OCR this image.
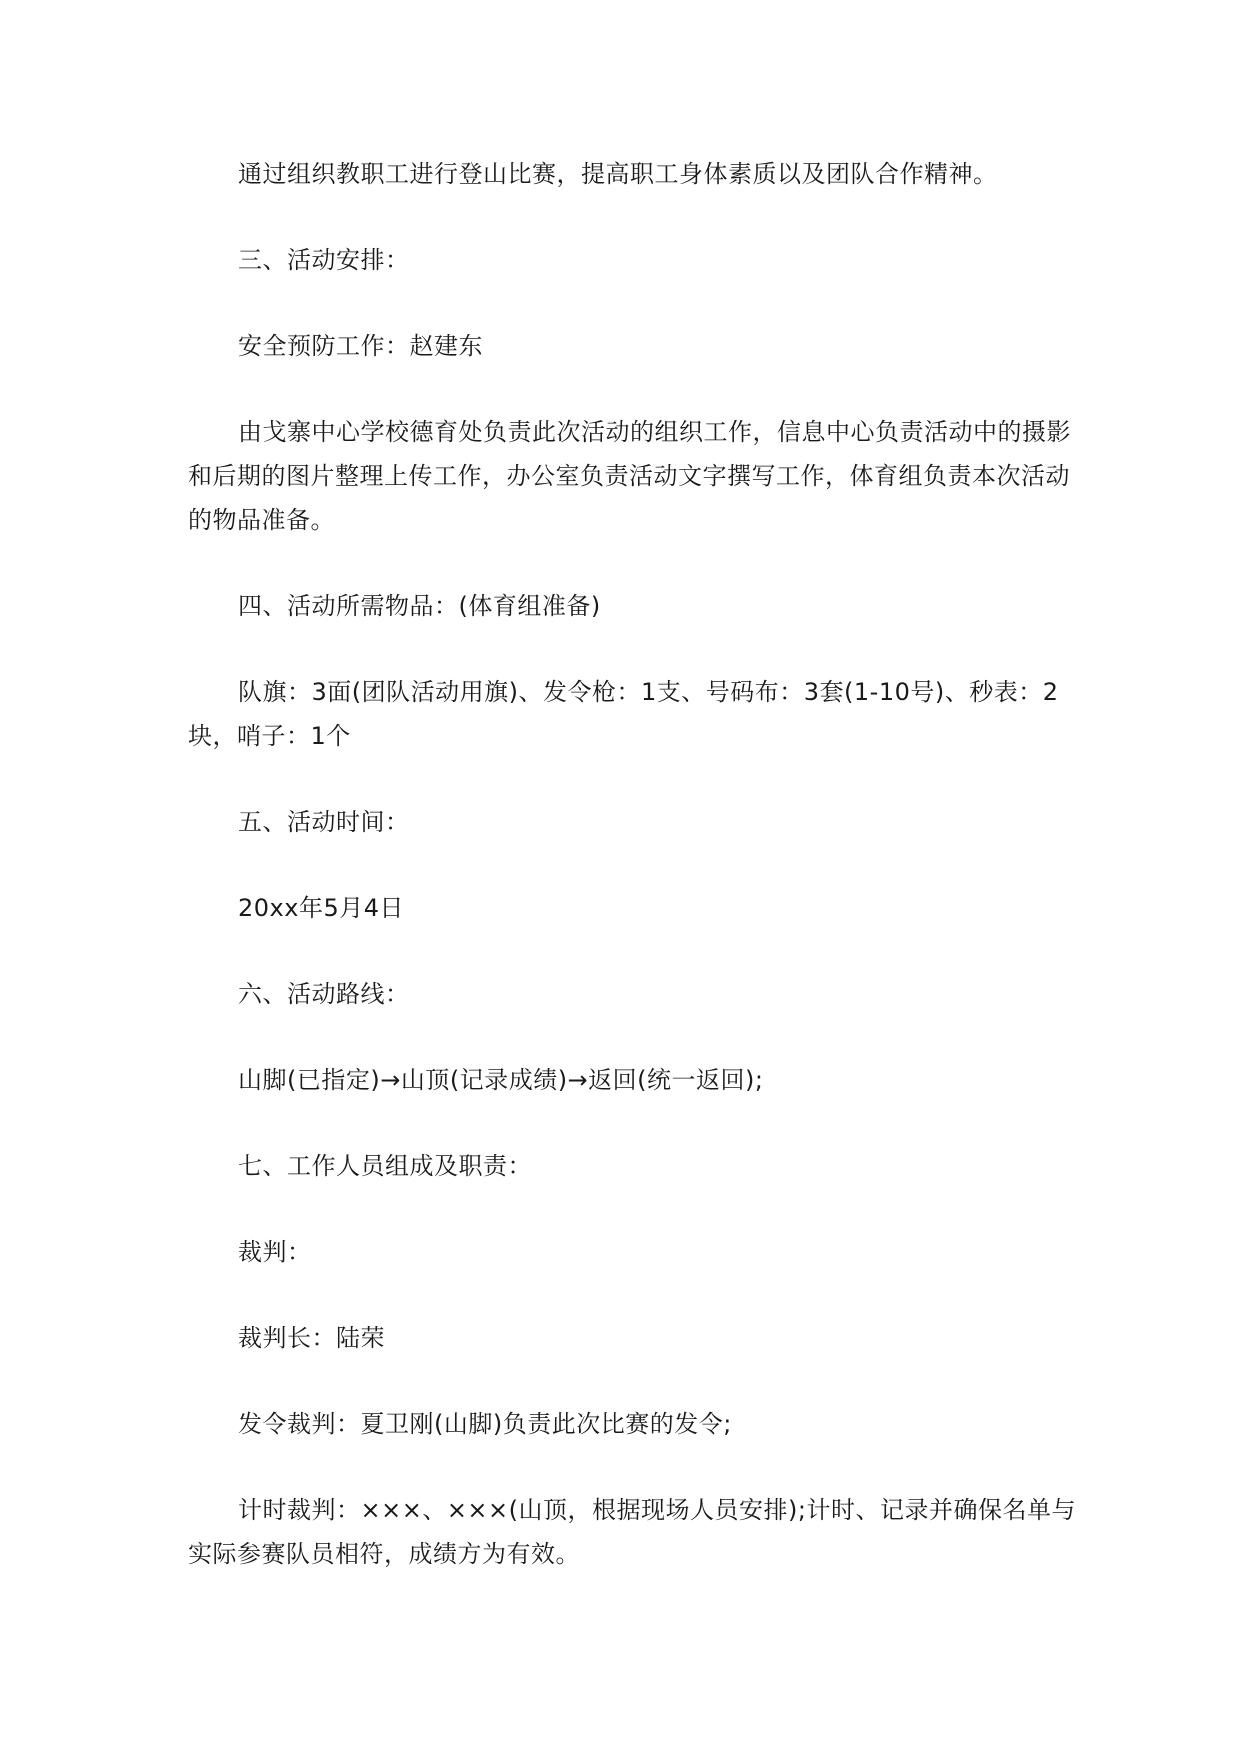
通过组织教职工进行登山比赛，提高职工身体素质以及团队合作精神。

三、活动安排：

安全预防工作：赵建东

由戈寨中心学校德育处负责此次活动的组织工作，信息中心负责活动中的摄影和后期的图片整理上传工作，办公室负责活动文字撰写工作，体育组负责本次活动的物品准备。

四、活动所需物品：(体育组准备)

队旗：3面(团队活动用旗)、发令枪：1支、号码布：3套(1-10号)、秒表：2块，哨子：1个

五、活动时间：

20xx年5月4日

六、活动路线：

山脚(已指定)→山顶(记录成绩)→返回(统一返回);

七、工作人员组成及职责：

裁判：

裁判长：陆荣

发令裁判：夏卫刚(山脚)负责此次比赛的发令;

计时裁判：×××、×××(山顶，根据现场人员安排);计时、记录并确保名单与实际参赛队员相符，成绩方为有效。
